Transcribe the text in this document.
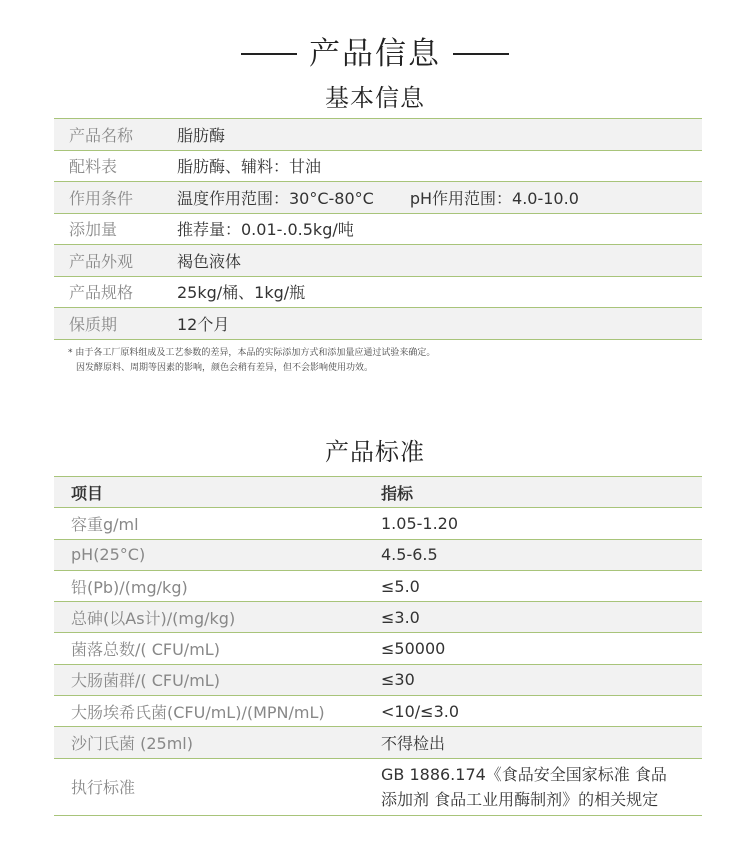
产品信息
基本信息
产品名称	脂肪酶
配料表	脂肪酶、辅料：甘油
作用条件	温度作用范围：30°C-80°C pH作用范围：4.0-10.0
添加量	推荐量：0.01-.0.5kg/吨
产品外观	褐色液体
产品规格	25kg/桶、1kg/瓶
保质期	12个月
* 由于各工厂原料组成及工艺参数的差异，本品的实际添加方式和添加量应通过试验来确定。
因发酵原料、周期等因素的影响，颜色会稍有差异，但不会影响使用功效。
产品标准
项目	指标
容重g/ml	1.05-1.20
pH(25°C)	4.5-6.5
铅(Pb)/(mg/kg)	≤5.0
总砷(以As计)/(mg/kg)	≤3.0
菌落总数/( CFU/mL)	≤50000
大肠菌群/( CFU/mL)	≤30
大肠埃希氏菌(CFU/mL)/(MPN/mL)	<10/≤3.0
沙门氏菌 (25ml)	不得检出
执行标准	GB 1886.174《食品安全国家标准 食品
添加剂 食品工业用酶制剂》的相关规定
